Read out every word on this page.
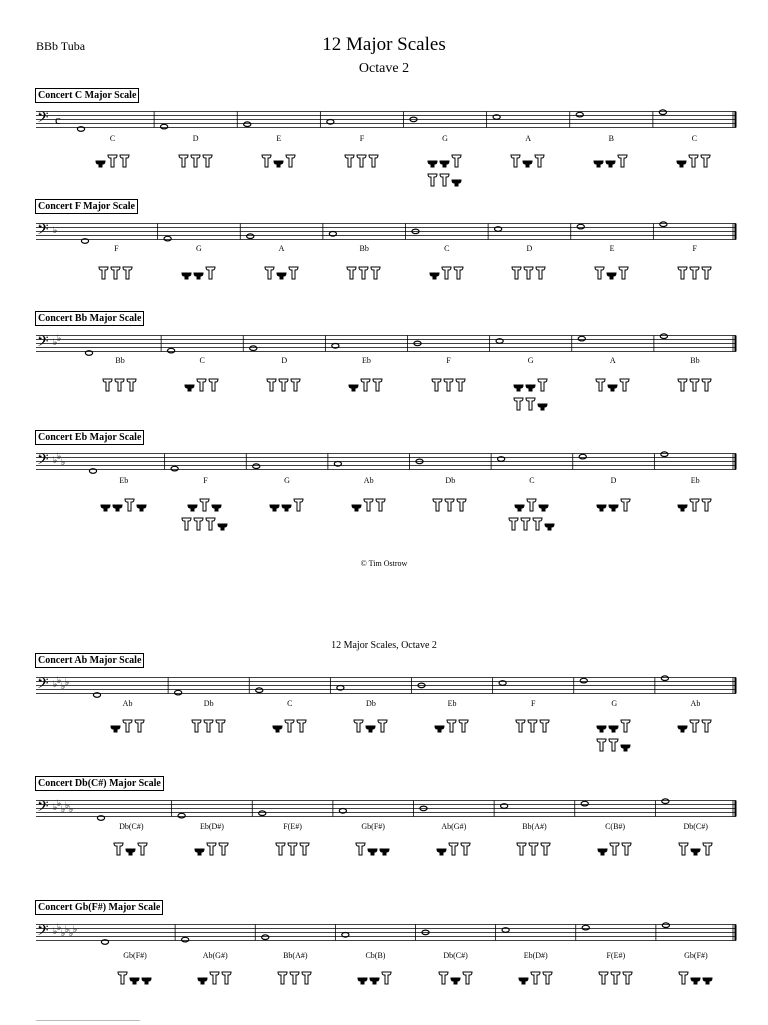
BBb Tuba	12 Major Scales
Octave 2
© Tim Ostrow
12 Major Scales, Octave 2
Concert C Major Scale
C	D	E	F	G	A	B	C
𝄢 c
Concert F Major Scale
F	G	A	Bb	C	D	E	F
𝄢 ♭
Concert Bb Major Scale
Bb	C	D	Eb	F	G	A	Bb
𝄢 ♭ ♭
Concert Eb Major Scale
Eb	F	G	Ab	Db	C	D	Eb
𝄢 ♭ ♭
♭
Concert Ab Major Scale
Ab	Db	C	Db	Eb	F	G	Ab
𝄢 ♭ ♭
♭ ♭
Concert Db(C#) Major Scale
Db(C#)	Eb(D#)	F(E#)	Gb(F#)	Ab(G#)	Bb(A#)	C(B#)	Db(C#)
𝄢 ♭ ♭
♭ ♭ ♭
Concert Gb(F#) Major Scale
Gb(F#)	Ab(G#)	Bb(A#)	Cb(B)	Db(C#)	Eb(D#)	F(E#)	Gb(F#)
𝄢 ♭ ♭
♭ ♭ ♭ ♭
